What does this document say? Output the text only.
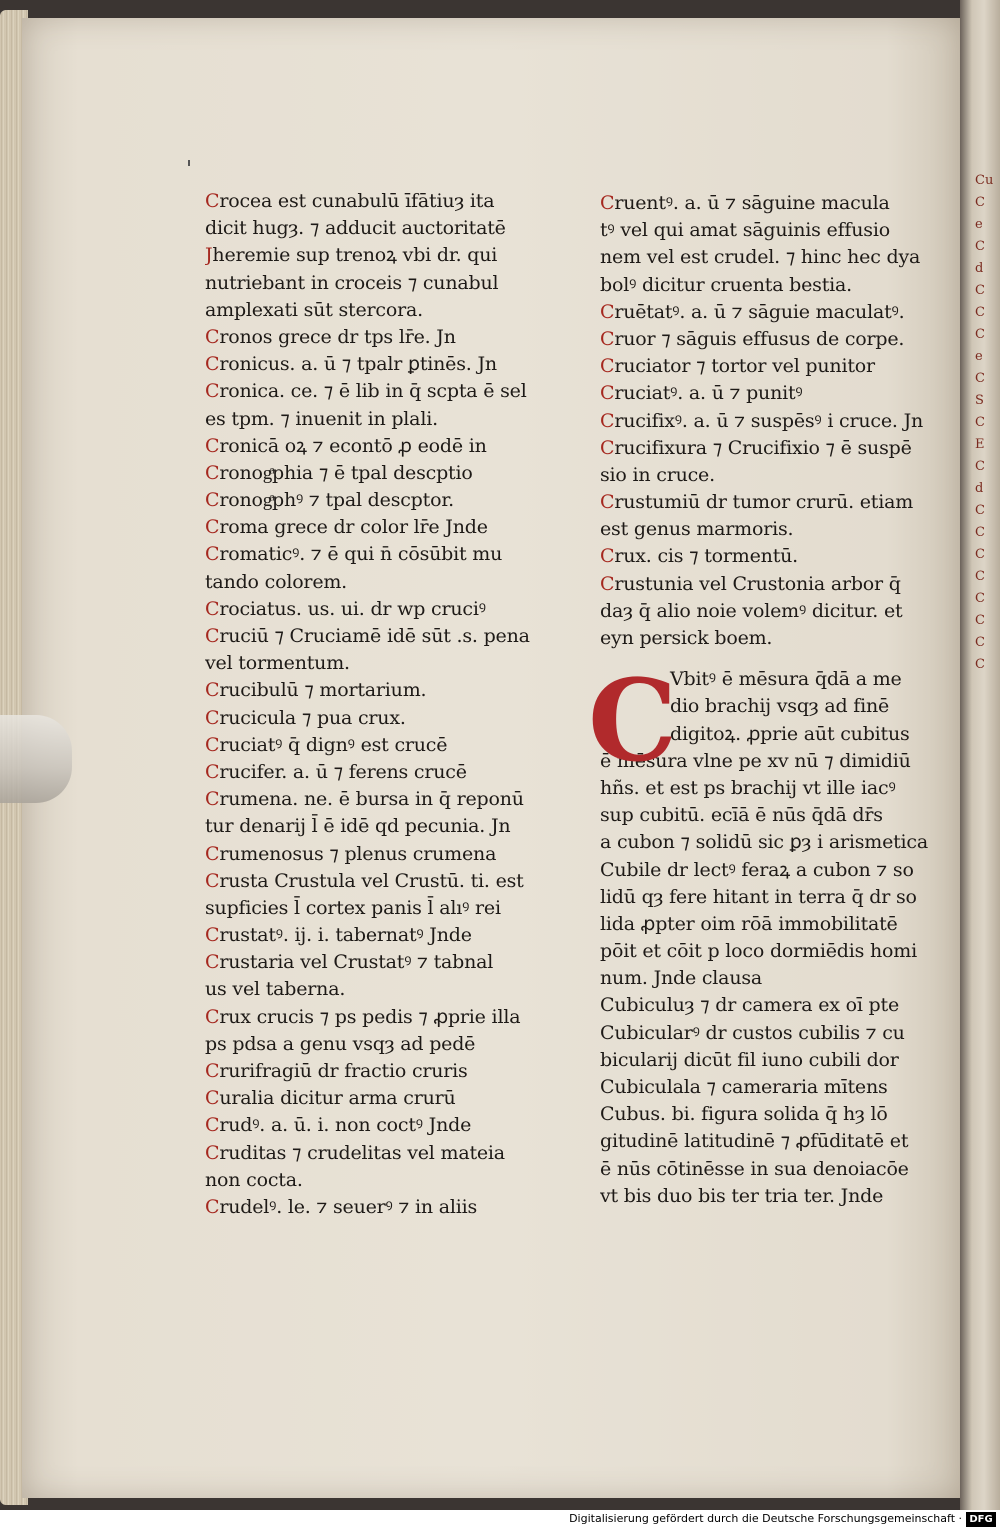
Cu
C
e
C
d
C
C
C
e
C
S
C
E
C
d
C
C
C
C
C
C
C
C
Crocea est cunabulū īfātiuȝ ita
dicit hugȝ. ⁊ adducit auctoritatē
Jheremie sup trenoꝝ vbi dr. qui
nutriebant in croceis ⁊ cunabul
amplexati sūt stercora.
Cronos grece dr tps lr̄e. Jn
Cronicus. a. ū ⁊ tpalr ꝑtinēs. Jn
Cronica. ce. ⁊ ē lib in q̄ scpta ē sel
es tpm. ⁊ inuenit in plali.
Cronicā oꝝ ⁊ econtō ꝓ eodē in
Cronogͣphia ⁊ ē tpal descptio
Cronogͣphꝰ ⁊ tpal descptor.
Croma grece dr color lr̄e Jnde
Cromaticꝰ. ⁊ ē qui n̄ cōsūbit mu
tando colorem.
Crociatus. us. ui. dr wp cruciꝰ
Cruciū ⁊ Cruciamē idē sūt .s. pena
vel tormentum.
Crucibulū ⁊ mortarium.
Crucicula ⁊ pua crux.
Cruciatꝰ q̄ dignꝰ est crucē
Crucifer. a. ū ⁊ ferens crucē
Crumena. ne. ē bursa in q̄ reponū
tur denarij l̄ ē idē qd pecunia. Jn
Crumenosus ⁊ plenus crumena
Crusta Crustula vel Crustū. ti. est
supficies l̄ cortex panis l̄ alıꝰ rei
Crustatꝰ. ij. i. tabernatꝰ Jnde
Crustaria vel Crustatꝰ ⁊ tabnal
us vel taberna.
Crux crucis ⁊ ps pedis ⁊ ꝓprie illa
ps pdsa a genu vsqȝ ad pedē
Crurifragiū dr fractio cruris
Curalia dicitur arma crurū
Crudꝰ. a. ū. i. non coctꝰ Jnde
Cruditas ⁊ crudelitas vel mateia
non cocta.
Crudelꝰ. le. ⁊ seuerꝰ ⁊ in aliis
Cruentꝰ. a. ū ⁊ sāguine macula
tꝰ vel qui amat sāguinis effusio
nem vel est crudel. ⁊ hinc hec dya
bolꝰ dicitur cruenta bestia.
Cruētatꝰ. a. ū ⁊ sāguie maculatꝰ.
Cruor ⁊ sāguis effusus de corpe.
Cruciator ⁊ tortor vel punitor
Cruciatꝰ. a. ū ⁊ punitꝰ
Crucifixꝰ. a. ū ⁊ suspēsꝰ i cruce. Jn
Crucifixura ⁊ Crucifixio ⁊ ē suspē
sio in cruce.
Crustumiū dr tumor crurū. etiam
est genus marmoris.
Crux. cis ⁊ tormentū.
Crustunia vel Crustonia arbor q̄
daȝ q̄ alio noie volemꝰ dicitur. et
eyn persick boem.
C
Vbitꝰ ē mēsura q̄dā a me
dio brachij vsqȝ ad finē
digitoꝝ. ꝓprie aūt cubitus
ē mēsura vlne pe xv nū ⁊ dimidiū
hñs. et est ps brachij vt ille iacꝰ
sup cubitū. ecīā ē nūs q̄dā dr̄s
a cubon ⁊ solidū sic ꝑȝ i arismetica
Cubile dr lectꝰ feraꝝ a cubon ⁊ so
lidū qȝ fere hitant in terra q̄ dr so
lida ꝓpter oim rōā immobilitatē
pōit et cōit p loco dormiēdis homi
num. Jnde clausa
Cubiculuȝ ⁊ dr camera ex oī pte
Cubicularꝰ dr custos cubilis ⁊ cu
bicularij dicūt fil iuno cubili dor
Cubiculala ⁊ cameraria mītens
Cubus. bi. figura solida q̄ hȝ lō
gitudinē latitudinē ⁊ ꝓfūditatē et
ē nūs cōtinēsse in sua denoiacōe
vt bis duo bis ter tria ter. Jnde
Digitalisierung gefördert durch die Deutsche Forschungsgemeinschaft · DFG
